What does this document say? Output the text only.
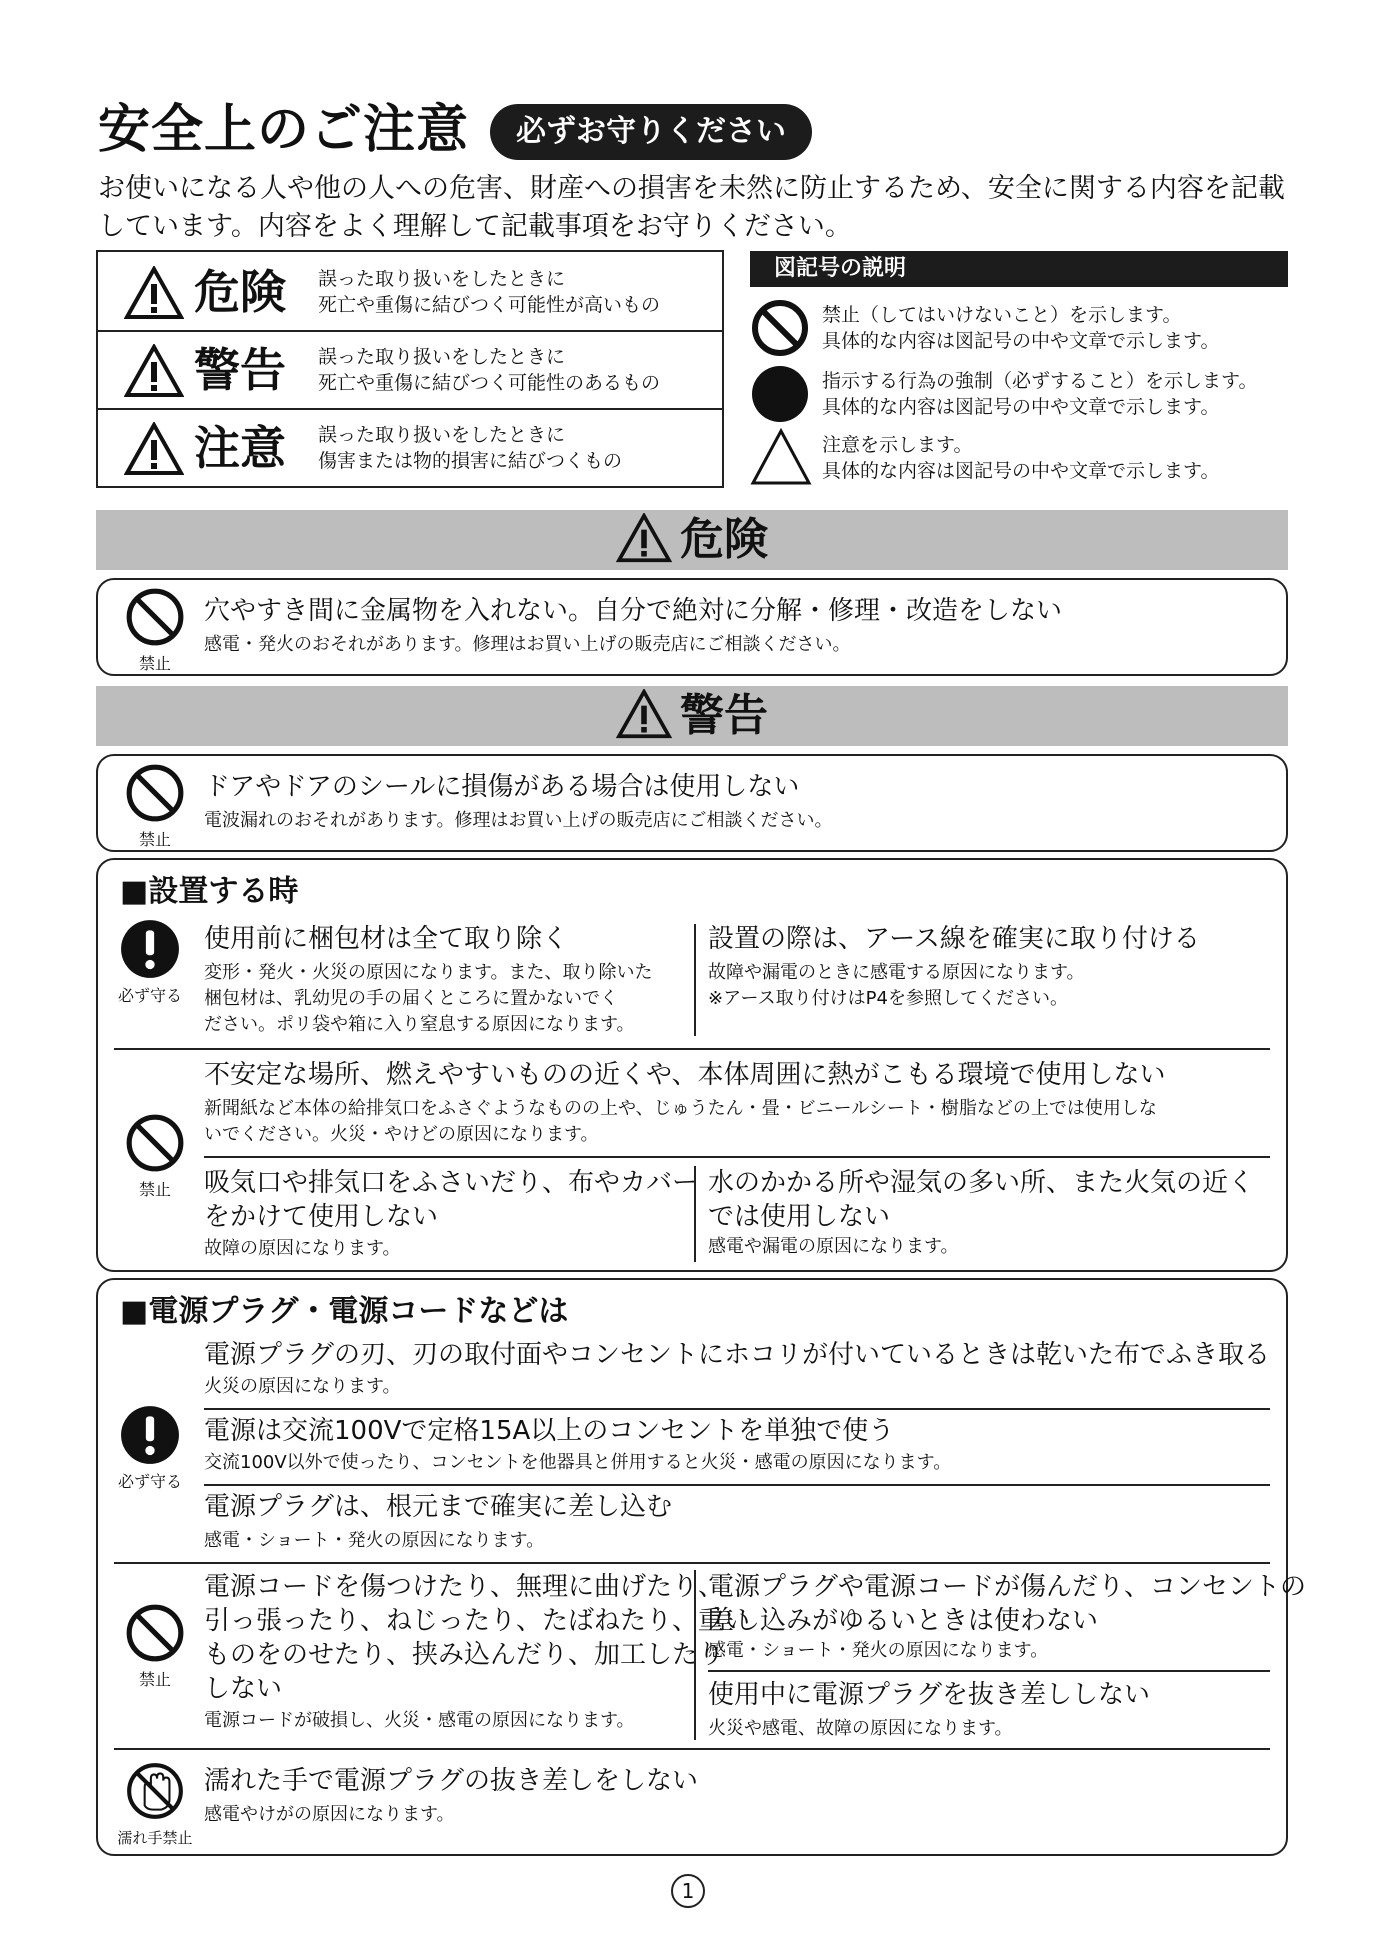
安全上のご注意	必ずお守りください
お使いになる人や他の人への危害、財産への損害を未然に防止するため、安全に関する内容を記載しています。内容をよく理解して記載事項をお守りください。
危険 誤った取り扱いをしたときに
死亡や重傷に結びつく可能性が高いもの
警告 誤った取り扱いをしたときに
死亡や重傷に結びつく可能性のあるもの
注意 誤った取り扱いをしたときに
傷害または物的損害に結びつくもの
図記号の説明
禁止（してはいけないこと）を示します。
具体的な内容は図記号の中や文章で示します。
指示する行為の強制（必ずすること）を示します。
具体的な内容は図記号の中や文章で示します。
注意を示します。
具体的な内容は図記号の中や文章で示します。
危険
禁止
穴やすき間に金属物を入れない。自分で絶対に分解・修理・改造をしない
感電・発火のおそれがあります。修理はお買い上げの販売店にご相談ください。
警告
禁止
ドアやドアのシールに損傷がある場合は使用しない
電波漏れのおそれがあります。修理はお買い上げの販売店にご相談ください。
■設置する時
必ず守る
使用前に梱包材は全て取り除く
変形・発火・火災の原因になります。また、取り除いた
梱包材は、乳幼児の手の届くところに置かないでく
ださい。ポリ袋や箱に入り窒息する原因になります。
設置の際は、アース線を確実に取り付ける
故障や漏電のときに感電する原因になります。
※アース取り付けはP4を参照してください。
禁止
不安定な場所、燃えやすいものの近くや、本体周囲に熱がこもる環境で使用しない
新聞紙など本体の給排気口をふさぐようなものの上や、じゅうたん・畳・ビニールシート・樹脂などの上では使用しな
いでください。火災・やけどの原因になります。
吸気口や排気口をふさいだり、布やカバー
をかけて使用しない
故障の原因になります。
水のかかる所や湿気の多い所、また火気の近く
では使用しない
感電や漏電の原因になります。
■電源プラグ・電源コードなどは
必ず守る
電源プラグの刃、刃の取付面やコンセントにホコリが付いているときは乾いた布でふき取る
火災の原因になります。
電源は交流100Vで定格15A以上のコンセントを単独で使う
交流100V以外で使ったり、コンセントを他器具と併用すると火災・感電の原因になります。
電源プラグは、根元まで確実に差し込む
感電・ショート・発火の原因になります。
禁止
電源コードを傷つけたり、無理に曲げたり、
引っ張ったり、ねじったり、たばねたり、重い
ものをのせたり、挟み込んだり、加工したり
しない
電源コードが破損し、火災・感電の原因になります。
電源プラグや電源コードが傷んだり、コンセントの
差し込みがゆるいときは使わない
感電・ショート・発火の原因になります。
使用中に電源プラグを抜き差ししない
火災や感電、故障の原因になります。
濡れ手禁止
濡れた手で電源プラグの抜き差しをしない
感電やけがの原因になります。
1
